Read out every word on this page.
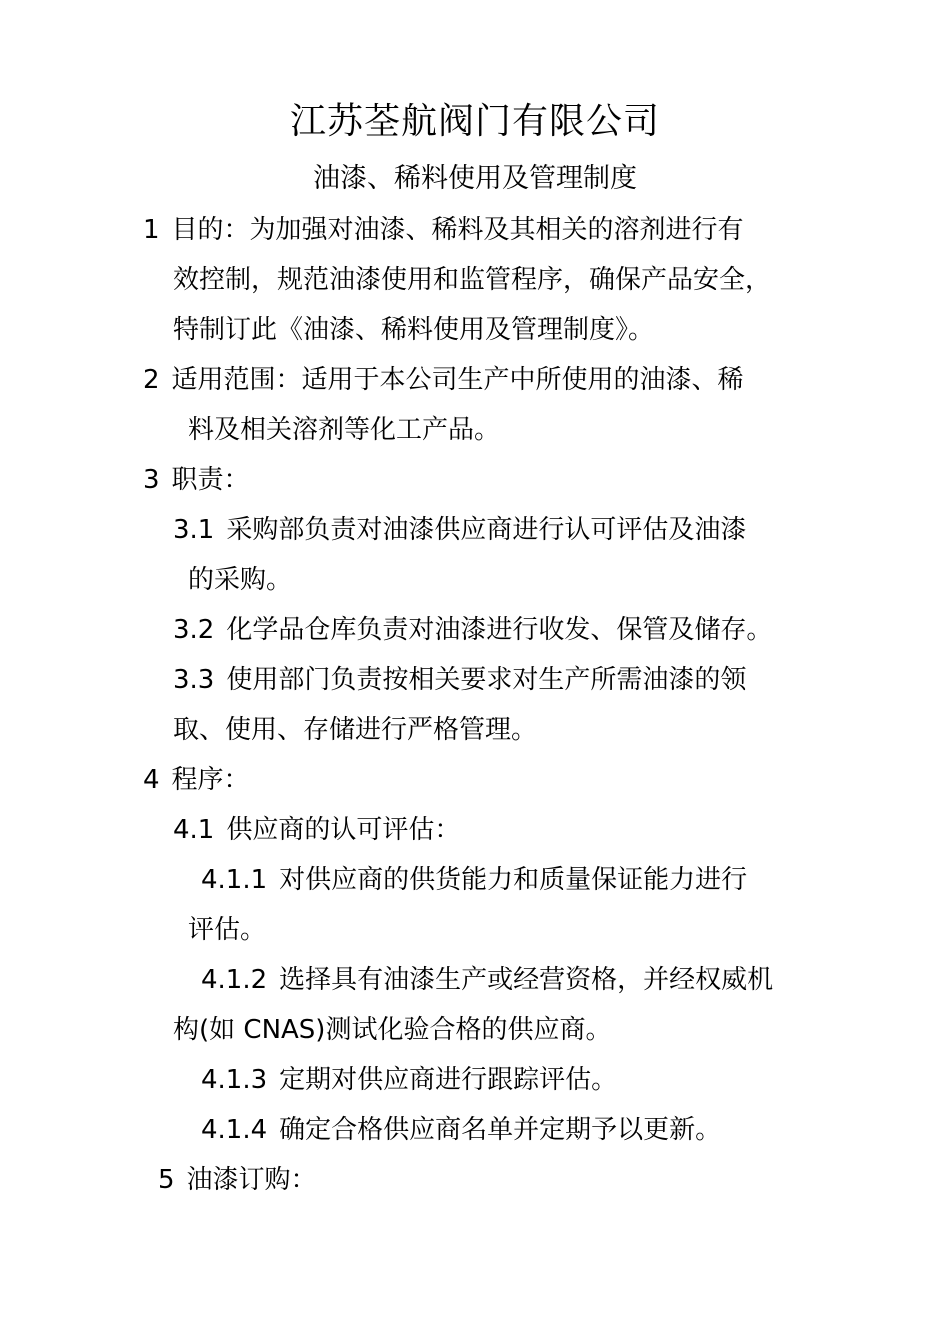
江苏荃航阀门有限公司
油漆、稀料使用及管理制度
1 目的：为加强对油漆、稀料及其相关的溶剂进行有
效控制，规范油漆使用和监管程序，确保产品安全，
特制订此《油漆、稀料使用及管理制度》。
2 适用范围：适用于本公司生产中所使用的油漆、稀
料及相关溶剂等化工产品。
3 职责：
3.1 采购部负责对油漆供应商进行认可评估及油漆
的采购。
3.2 化学品仓库负责对油漆进行收发、保管及储存。
3.3 使用部门负责按相关要求对生产所需油漆的领
取、使用、存储进行严格管理。
4 程序：
4.1 供应商的认可评估：
4.1.1 对供应商的供货能力和质量保证能力进行
评估。
4.1.2 选择具有油漆生产或经营资格，并经权威机
构(如 CNAS)测试化验合格的供应商。
4.1.3 定期对供应商进行跟踪评估。
4.1.4 确定合格供应商名单并定期予以更新。
5 油漆订购：
